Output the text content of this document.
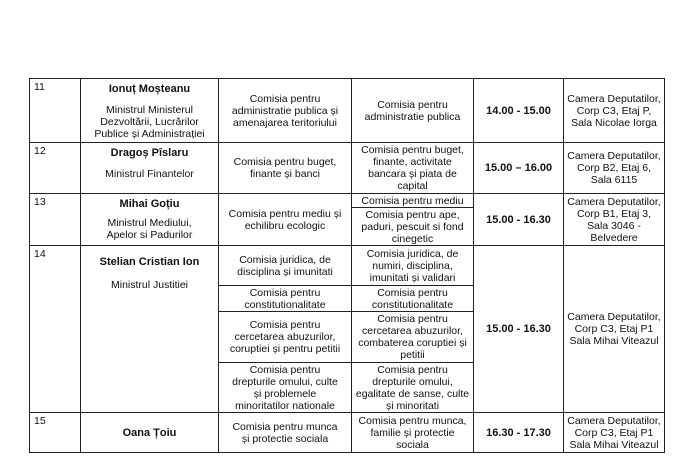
11	Ionuț Moșteanu
Ministrul Ministerul
Dezvoltării, Lucrărilor
Publice și Administrației	Comisia pentru
administratie publica și
amenajarea teritoriului	Comisia pentru
administratie publica	14.00 - 15.00	Camera Deputatilor,
Corp C3, Etaj P,
Sala Nicolae Iorga

12	Dragoș Pîslaru
Ministrul Finantelor	Comisia pentru buget,
finante și banci	Comisia pentru buget,
finante, activitate
bancara și piata de
capital	15.00 – 16.00	Camera Deputatilor,
Corp B2, Etaj 6,
Sala 6115

13	Mihai Goțiu
Ministrul Mediului,
Apelor si Padurilor	Comisia pentru mediu și
echilibru ecologic	Comisia pentru mediu	15.00 - 16.30	Camera Deputatilor,
Corp B1, Etaj 3,
Sala 3046 - Belvedere

			Comisia pentru ape,
paduri, pescuit si fond
cinegetic		

14	Stelian Cristian Ion
Ministrul Justitiei	Comisia juridica, de
disciplina și imunitati	Comisia juridica, de
numiri, disciplina,
imunitati și validari	15.00 - 16.30	Camera Deputatilor,
Corp C3, Etaj P1
Sala Mihai Viteazul

		Comisia pentru
constitutionalitate	Comisia pentru
constitutionalitate		

		Comisia pentru
cercetarea abuzurilor,
coruptiei și pentru petitii	Comisia pentru
cercetarea abuzurilor,
combaterea coruptiei și
petitii		

		Comisia pentru
drepturile omului, culte
și problemele
minoritatilor nationale	Comisia pentru
drepturile omului,
egalitate de sanse, culte
și minoritati		

15	Oana Țoiu	Comisia pentru munca
și protectie sociala	Comisia pentru munca,
familie și protectie
sociala	16.30 - 17.30	Camera Deputatilor,
Corp C3, Etaj P1
Sala Mihai Viteazul
